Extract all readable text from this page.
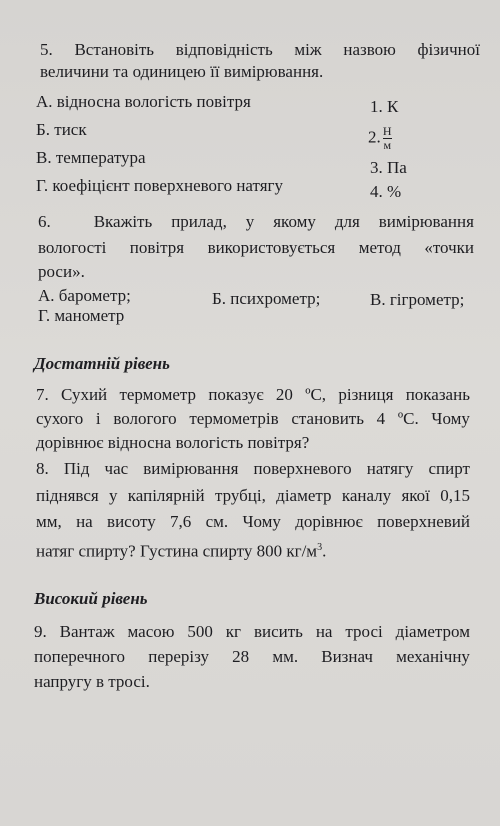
5. Встановіть відповідність між назвою фізичної
величини та одиницею її вимірювання.
А. відносна вологість повітря
Б. тиск
В. температура
Г. коефіцієнт поверхневого натягу
1. К
2. $\frac{Н}{м}$
3. Па
4. %
6.	Вкажіть прилад, у якому для вимірювання
вологості повітря використовується метод «точки
роси».
А. барометр;	Б. психрометр;	В. гігрометр;
Г. манометр
Достатній рівень
7. Сухий термометр показує 20 ºС, різниця показань
сухого і вологого термометрів становить 4 ºС. Чому
дорівнює відносна вологість повітря?
8. Під час вимірювання поверхневого натягу спирт
піднявся у капілярній трубці, діаметр каналу якої 0,15
мм, на висоту 7,6 см. Чому дорівнює поверхневий
натяг спирту? Густина спирту 800 $кг/м^3$.
Високий рівень
9. Вантаж масою 500 кг висить на тросі діаметром
поперечного перерізу 28 мм. Визнач механічну
напругу в тросі.
